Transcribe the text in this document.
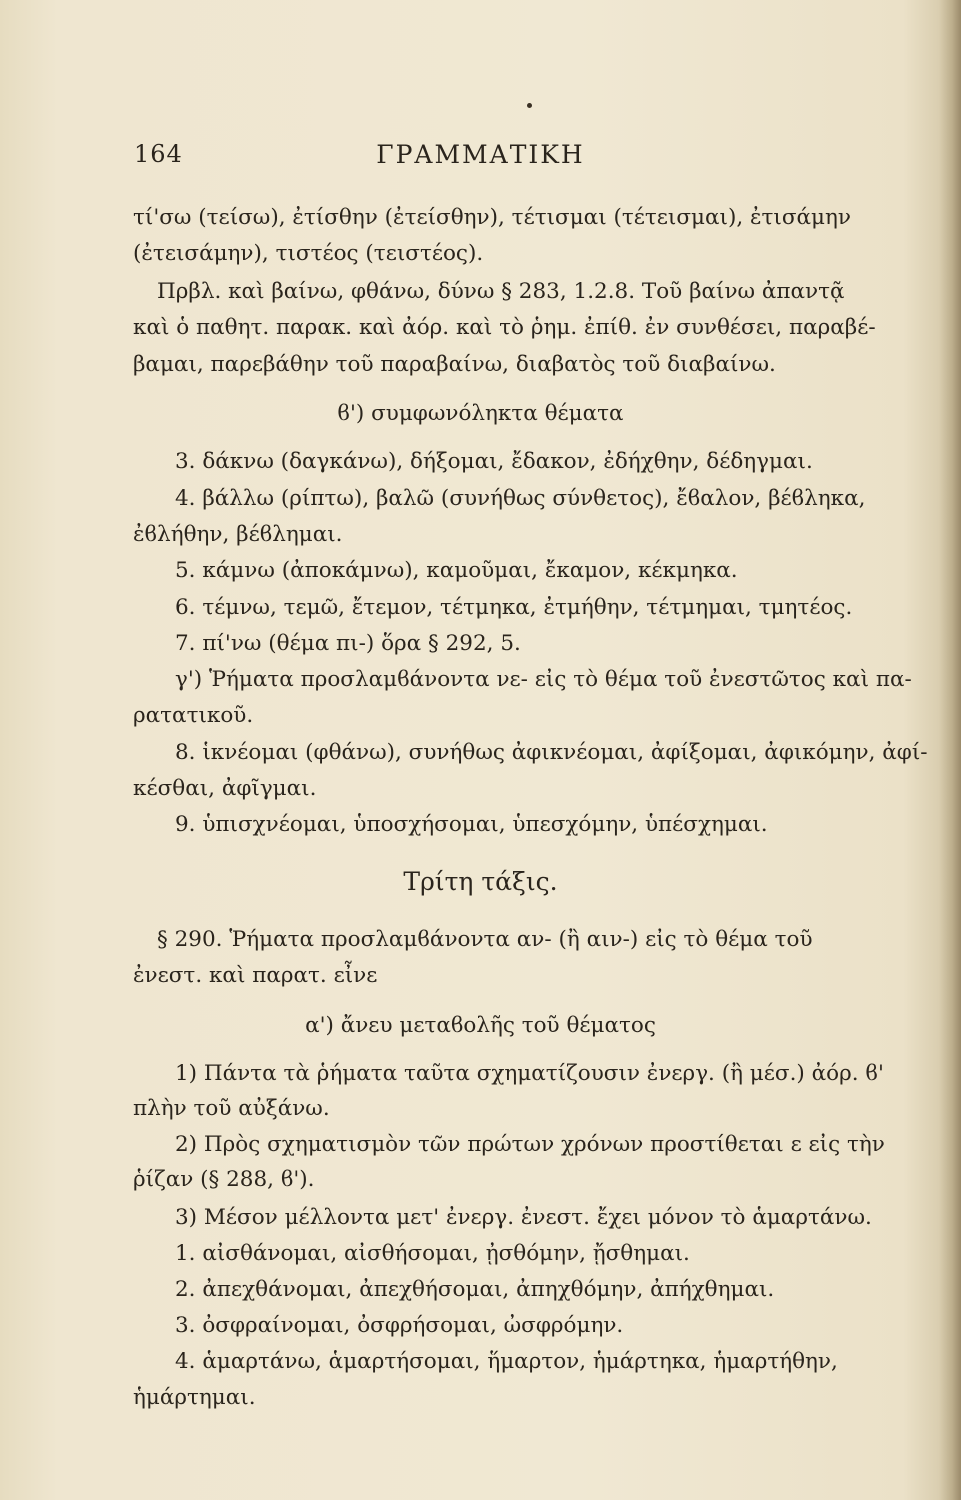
164	ΓΡΑΜΜΑΤΙΚΗ
τί'σω (τείσω), ἐτίσθην (ἐτείσθην), τέτισμαι (τέτεισμαι), ἐτισάμην
(ἐτεισάμην), τιστέος (τειστέος).
Πρβλ. καὶ βαίνω, φθάνω, δύνω § 283, 1.2.8. Τοῦ βαίνω ἀπαντᾷ
καὶ ὁ παθητ. παρακ. καὶ ἀόρ. καὶ τὸ ῥημ. ἐπίθ. ἐν συνθέσει, παραβέ-
βαμαι, παρεβάθην τοῦ παραβαίνω, διαβατὸς τοῦ διαβαίνω.
ϐ') συμφωνόληκτα θέματα
3. δάκνω (δαγκάνω), δήξομαι, ἔδακον, ἐδήχθην, δέδηγμαι.
4. βάλλω (ρίπτω), βαλῶ (συνήθως σύνθετος), ἔϐαλον, βέϐληκα,
ἐϐλήθην, βέϐλημαι.
5. κάμνω (ἀποκάμνω), καμοῦμαι, ἔκαμον, κέκμηκα.
6. τέμνω, τεμῶ, ἔτεμον, τέτμηκα, ἐτμήθην, τέτμημαι, τμητέος.
7. πί'νω (θέμα πι-) ὅρα § 292, 5.
γ') Ῥήματα προσλαμϐάνοντα νε- εἰς τὸ θέμα τοῦ ἐνεστῶτος καὶ πα-
ρατατικοῦ.
8. ἱκνέομαι (φθάνω), συνήθως ἀφικνέομαι, ἀφίξομαι, ἀφικόμην, ἀφί-
κέσθαι, ἀφῖγμαι.
9. ὑπισχνέομαι, ὑποσχήσομαι, ὑπεσχόμην, ὑπέσχημαι.
Τρίτη τάξις.
§ 290. Ῥήματα προσλαμϐάνοντα αν- (ἢ αιν-) εἰς τὸ θέμα τοῦ
ἐνεστ. καὶ παρατ. εἶνε
α') ἄνευ μεταϐολῆς τοῦ θέματος
1) Πάντα τὰ ῥήματα ταῦτα σχηματίζουσιν ἐνεργ. (ἢ μέσ.) ἀόρ. ϐ'
πλὴν τοῦ αὐξάνω.
2) Πρὸς σχηματισμὸν τῶν πρώτων χρόνων προστίθεται ε εἰς τὴν
ῥίζαν (§ 288, ϐ').
3) Μέσον μέλλοντα μετ' ἐνεργ. ἐνεστ. ἔχει μόνον τὸ ἁμαρτάνω.
1. αἰσθάνομαι, αἰσθήσομαι, ᾐσθόμην, ᾔσθημαι.
2. ἀπεχθάνομαι, ἀπεχθήσομαι, ἀπηχθόμην, ἀπήχθημαι.
3. ὀσφραίνομαι, ὀσφρήσομαι, ὠσφρόμην.
4. ἁμαρτάνω, ἁμαρτήσομαι, ἥμαρτον, ἡμάρτηκα, ἡμαρτήθην,
ἡμάρτημαι.
